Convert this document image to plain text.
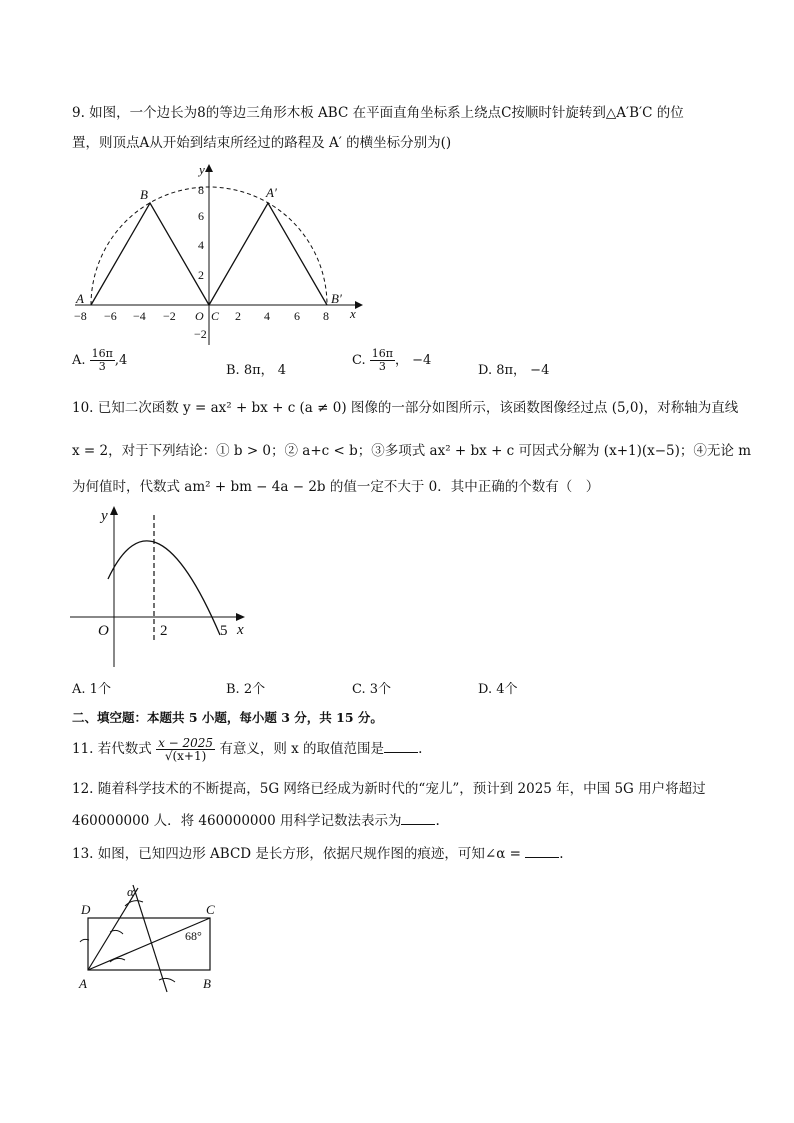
9. 如图，一个边长为8的等边三角形木板 ABC 在平面直角坐标系上绕点C按顺时针旋转到△A′B′C 的位
置，则顶点A从开始到结束所经过的路程及 A′ 的横坐标分别为()
y
x
−8 −6 −4 −2 O C 2 4 6 8
8
6
4
2
−2
A
B	A′
B′
A. $\frac{16\pi}{3} ,4$
B. 8π， 4
C. $\frac{16\pi}{3}$ ， −4
D. 8π， −4
10. 已知二次函数 y = ax² + bx + c (a ≠ 0) 图像的一部分如图所示，该函数图像经过点 (5,0)，对称轴为直线
x = 2，对于下列结论：① b > 0；② a+c < b；③多项式 ax² + bx + c 可因式分解为 (x+1)(x−5)；④无论 m
为何值时，代数式 am² + bm − 4a − 2b 的值一定不大于 0．其中正确的个数有（　）
y
x
O	2	5
A. 1个	B. 2个	C. 3个	D. 4个
二、填空题：本题共 5 小题，每小题 3 分，共 15 分。
11. 若代数式 $\frac{x - 2025}{√(x+1)}$ 有意义，则 x 的取值范围是	.
12. 随着科学技术的不断提高，5G 网络已经成为新时代的“宠儿”，预计到 2025 年，中国 5G 用户将超过
460000000 人．将 460000000 用科学记数法表示为	.
13. 如图，已知四边形 ABCD 是长方形，依据尺规作图的痕迹，可知∠α =	.
α
D	C
A	B
68°
